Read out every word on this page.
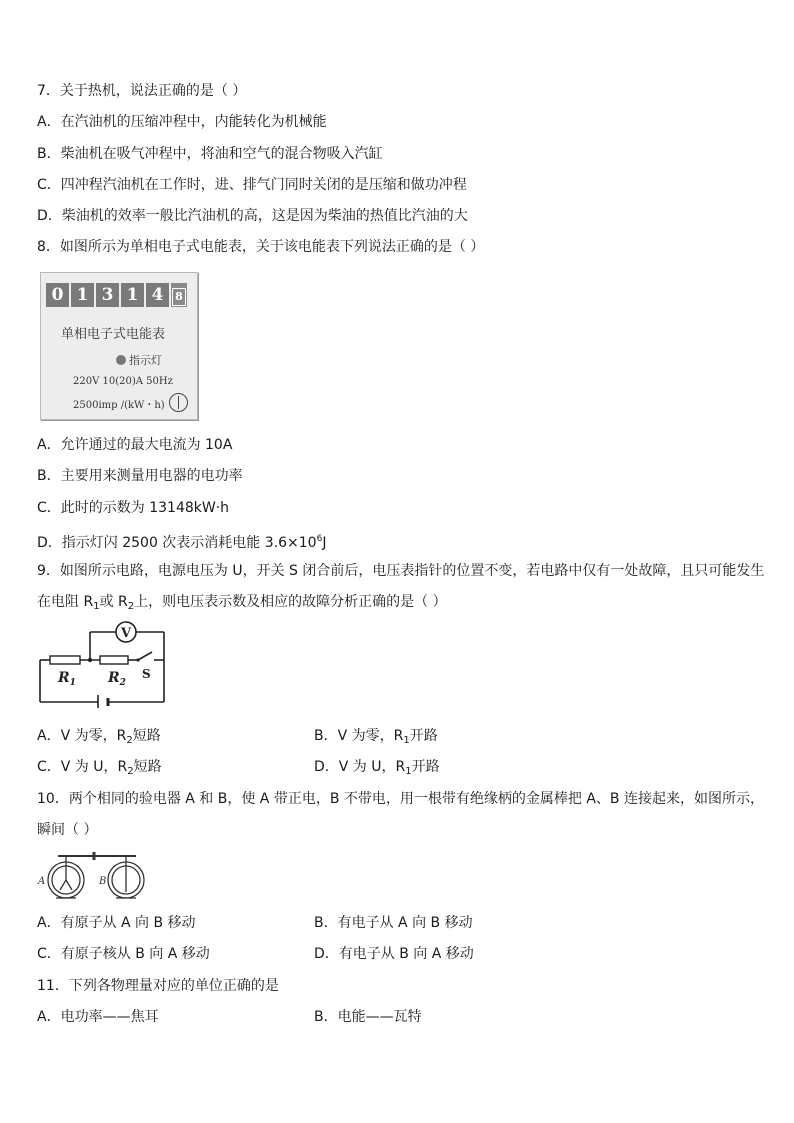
7．关于热机，说法正确的是（ ）
A．在汽油机的压缩冲程中，内能转化为机械能
B．柴油机在吸气冲程中，将油和空气的混合物吸入汽缸
C．四冲程汽油机在工作时，进、排气门同时关闭的是压缩和做功冲程
D．柴油机的效率一般比汽油机的高，这是因为柴油的热值比汽油的大
8．如图所示为单相电子式电能表，关于该电能表下列说法正确的是（ ）
0 1 3 1 4	8
单相电子式电能表
指示灯
220V 10(20)A 50Hz
2500imp /(kW・h)
A．允许通过的最大电流为 10A
B．主要用来测量用电器的电功率
C．此时的示数为 13148kW·h
D．指示灯闪 2500 次表示消耗电能 $3.6\times 10^6J$
9．如图所示电路，电源电压为 U，开关 S 闭合前后，电压表指针的位置不变，若电路中仅有一处故障，且只可能发生
在电阻 $R_1$或 $R_2$上，则电压表示数及相应的故障分析正确的是（ ）
V
$R_1$ $R_2$
S
A．V 为零，$R_2$短路	B．V 为零，$R_1$开路
C．V 为 U，$R_2$短路	D．V 为 U，$R_1$开路
10．两个相同的验电器 A 和 B，使 A 带正电，B 不带电，用一根带有绝缘柄的金属棒把 A、B 连接起来，如图所示，
瞬间（ ）
A	B
A．有原子从 A 向 B 移动	B．有电子从 A 向 B 移动
C．有原子核从 B 向 A 移动	D．有电子从 B 向 A 移动
11．下列各物理量对应的单位正确的是
A．电功率——焦耳	B．电能——瓦特
